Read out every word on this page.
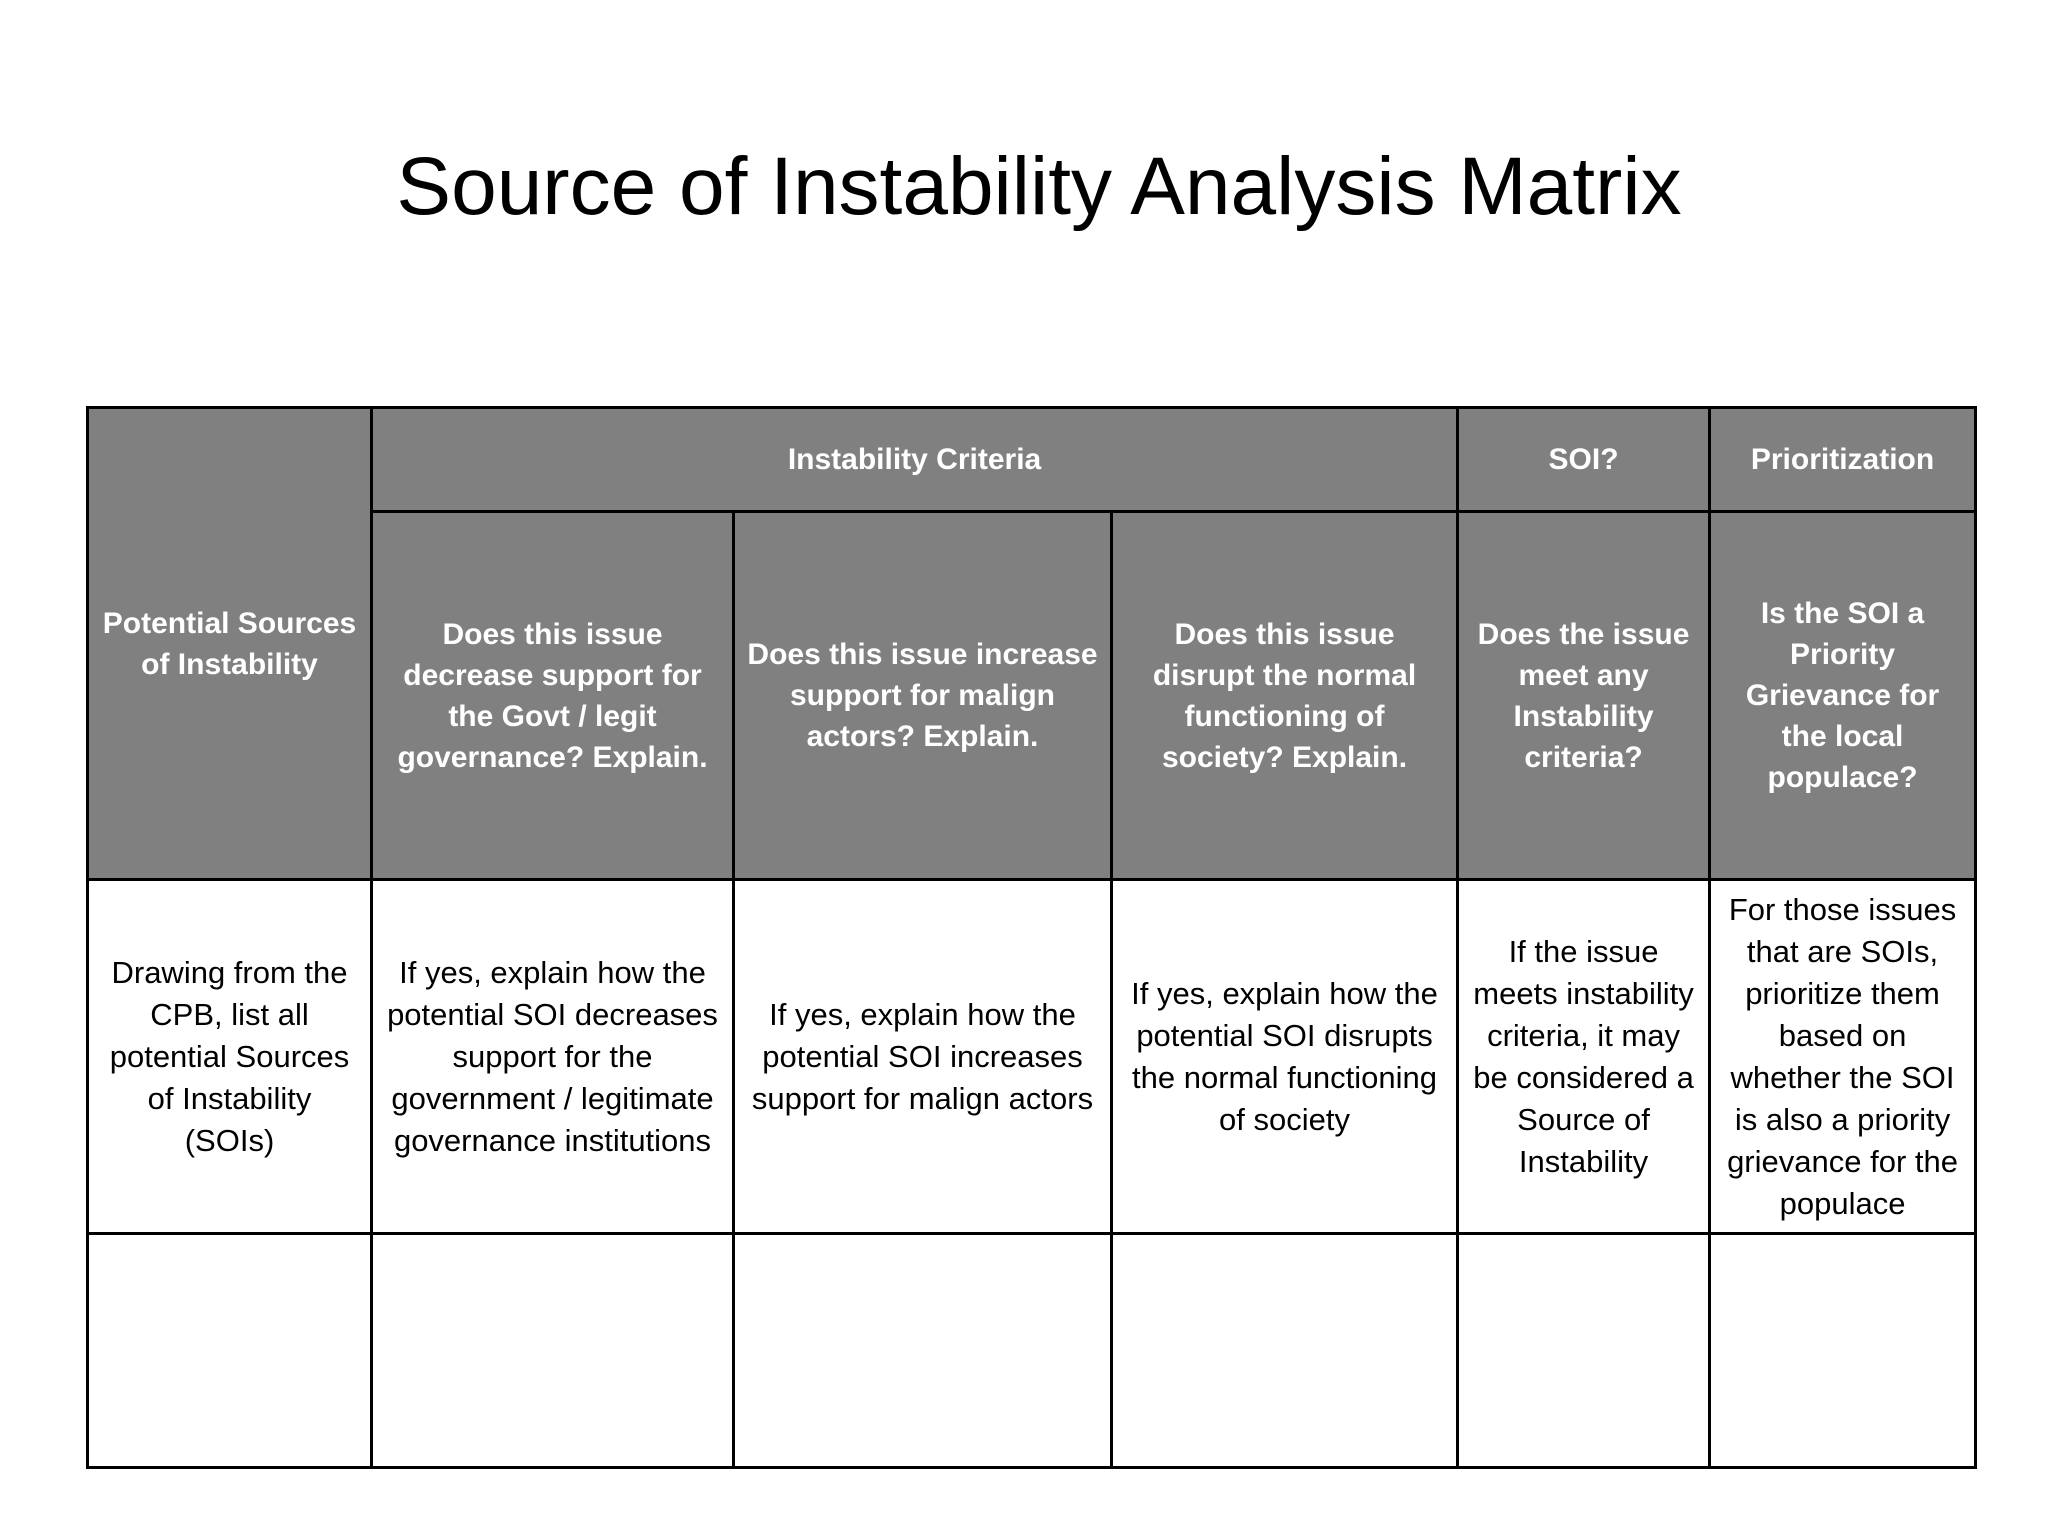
Source of Instability Analysis Matrix
Potential Sources of Instability	Instability Criteria			SOI?	Prioritization
	Does this issue decrease support for the Govt / legit governance? Explain.	Does this issue increase support for malign actors? Explain.	Does this issue disrupt the normal functioning of society? Explain.	Does the issue meet any Instability criteria?	Is the SOI a Priority Grievance for the local populace?
Drawing from the CPB, list all potential Sources of Instability (SOIs)	If yes, explain how the potential SOI decreases support for the government / legitimate governance institutions	If yes, explain how the potential SOI increases support for malign actors	If yes, explain how the potential SOI disrupts the normal functioning of society	If the issue meets instability criteria, it may be considered a Source of Instability	For those issues that are SOIs, prioritize them based on whether the SOI is also a priority grievance for the populace
